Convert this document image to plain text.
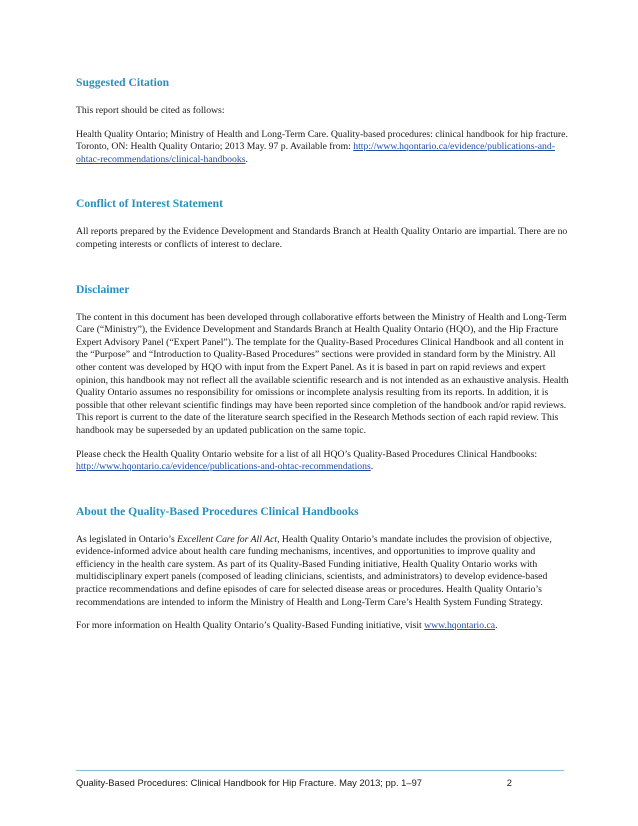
Suggested Citation

This report should be cited as follows:

Health Quality Ontario; Ministry of Health and Long-Term Care. Quality-based procedures: clinical handbook for hip fracture. Toronto, ON: Health Quality Ontario; 2013 May. 97 p. Available from: http://www.hqontario.ca/evidence/publications-and-ohtac-recommendations/clinical-handbooks.

Conflict of Interest Statement

All reports prepared by the Evidence Development and Standards Branch at Health Quality Ontario are impartial. There are no competing interests or conflicts of interest to declare.

Disclaimer

The content in this document has been developed through collaborative efforts between the Ministry of Health and Long-Term Care (“Ministry”), the Evidence Development and Standards Branch at Health Quality Ontario (HQO), and the Hip Fracture Expert Advisory Panel (“Expert Panel”). The template for the Quality-Based Procedures Clinical Handbook and all content in the “Purpose” and “Introduction to Quality-Based Procedures” sections were provided in standard form by the Ministry. All other content was developed by HQO with input from the Expert Panel. As it is based in part on rapid reviews and expert opinion, this handbook may not reflect all the available scientific research and is not intended as an exhaustive analysis. Health Quality Ontario assumes no responsibility for omissions or incomplete analysis resulting from its reports. In addition, it is possible that other relevant scientific findings may have been reported since completion of the handbook and/or rapid reviews. This report is current to the date of the literature search specified in the Research Methods section of each rapid review. This handbook may be superseded by an updated publication on the same topic.

Please check the Health Quality Ontario website for a list of all HQO’s Quality-Based Procedures Clinical Handbooks: http://www.hqontario.ca/evidence/publications-and-ohtac-recommendations.

About the Quality-Based Procedures Clinical Handbooks

As legislated in Ontario’s Excellent Care for All Act, Health Quality Ontario’s mandate includes the provision of objective, evidence-informed advice about health care funding mechanisms, incentives, and opportunities to improve quality and efficiency in the health care system. As part of its Quality-Based Funding initiative, Health Quality Ontario works with multidisciplinary expert panels (composed of leading clinicians, scientists, and administrators) to develop evidence-based practice recommendations and define episodes of care for selected disease areas or procedures. Health Quality Ontario’s recommendations are intended to inform the Ministry of Health and Long-Term Care’s Health System Funding Strategy.

For more information on Health Quality Ontario’s Quality-Based Funding initiative, visit www.hqontario.ca.

Quality-Based Procedures: Clinical Handbook for Hip Fracture. May 2013; pp. 1–97	2
